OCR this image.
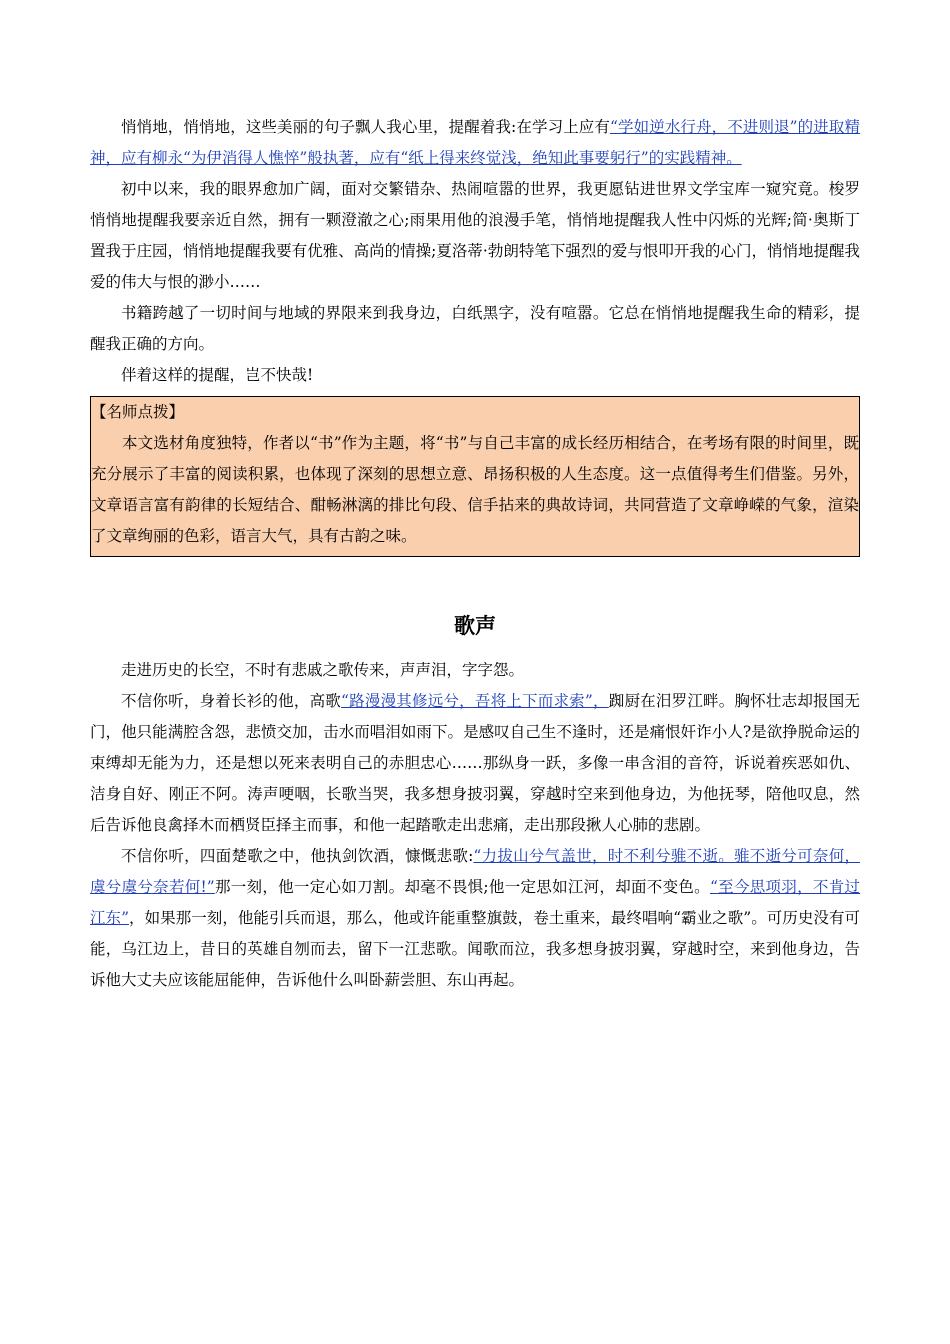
悄悄地，悄悄地，这些美丽的句子飘人我心里，提醒着我:在学习上应有“学如逆水行舟，不进则退”的进取精神，应有柳永“为伊消得人憔悴”般执著，应有“纸上得来终觉浅，绝知此事要躬行”的实践精神。

初中以来，我的眼界愈加广阔，面对交繁错杂、热闹喧嚣的世界，我更愿钻进世界文学宝库一窥究竟。梭罗悄悄地提醒我要亲近自然，拥有一颗澄澈之心;雨果用他的浪漫手笔，悄悄地提醒我人性中闪烁的光辉;简·奥斯丁置我于庄园，悄悄地提醒我要有优雅、高尚的情操;夏洛蒂·勃朗特笔下强烈的爱与恨叩开我的心门，悄悄地提醒我爱的伟大与恨的渺小……

书籍跨越了一切时间与地域的界限来到我身边，白纸黑字，没有喧嚣。它总在悄悄地提醒我生命的精彩，提醒我正确的方向。

伴着这样的提醒，岂不快哉!

【名师点拨】

本文选材角度独特，作者以“书”作为主题，将“书”与自己丰富的成长经历相结合，在考场有限的时间里，既充分展示了丰富的阅读积累，也体现了深刻的思想立意、昂扬积极的人生态度。这一点值得考生们借鉴。另外，文章语言富有韵律的长短结合、酣畅淋漓的排比句段、信手拈来的典故诗词，共同营造了文章峥嵘的气象，渲染了文章绚丽的色彩，语言大气，具有古韵之味。

歌声

走进历史的长空，不时有悲戚之歌传来，声声泪，字字怨。

不信你听，身着长衫的他，高歌“路漫漫其修远兮，吾将上下而求索”，踟厨在汨罗江畔。胸怀壮志却报国无门，他只能满腔含怨，悲愤交加，击水而唱泪如雨下。是感叹自己生不逢时，还是痛恨奸诈小人?是欲挣脱命运的束缚却无能为力，还是想以死来表明自己的赤胆忠心……那纵身一跃，多像一串含泪的音符，诉说着疾恶如仇、洁身自好、刚正不阿。涛声哽咽，长歌当哭，我多想身披羽翼，穿越时空来到他身边，为他抚琴，陪他叹息，然后告诉他良禽择木而栖贤臣择主而事，和他一起踏歌走出悲痛，走出那段揪人心肺的悲剧。

不信你听，四面楚歌之中，他执剑饮酒，慷慨悲歌:“力拔山兮气盖世，时不利兮骓不逝。骓不逝兮可奈何，虞兮虞兮奈若何!”那一刻，他一定心如刀割。却毫不畏惧;他一定思如江河，却面不变色。“至今思项羽，不肯过江东”，如果那一刻，他能引兵而退，那么，他或许能重整旗鼓，卷土重来，最终唱响“霸业之歌”。可历史没有可能，乌江边上，昔日的英雄自刎而去，留下一江悲歌。闻歌而泣，我多想身披羽翼，穿越时空，来到他身边，告诉他大丈夫应该能屈能伸，告诉他什么叫卧薪尝胆、东山再起。
